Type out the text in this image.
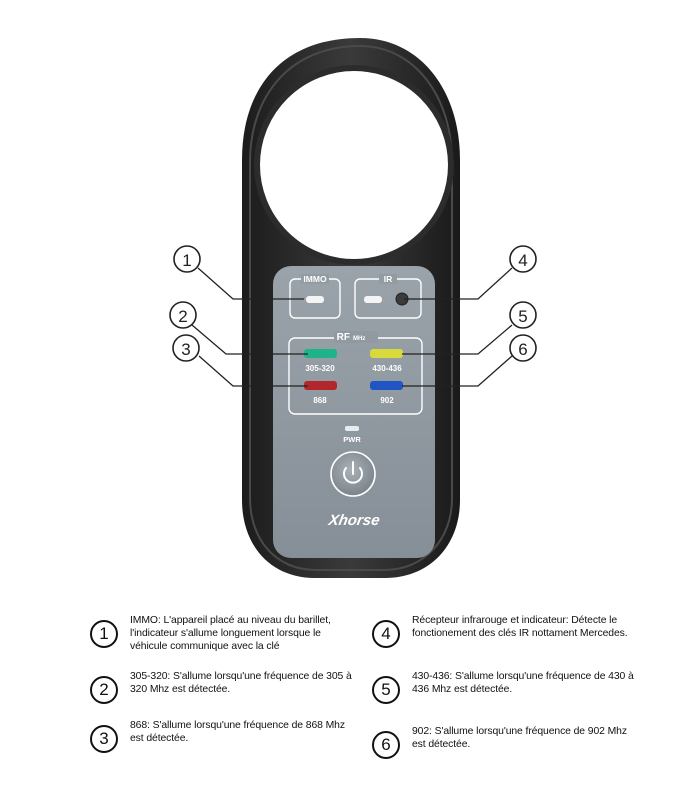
IMMO	IR
RF MHz
305-320	430-436
868	902
PWR
Xhorse
1
2
3
4
5
6
1
IMMO: L'appareil placé au niveau du barillet, l'indicateur s'allume longuement lorsque le véhicule communique avec la clé
2
305-320: S'allume lorsqu'une fréquence de 305 à 320 Mhz est détectée.
3
868: S'allume lorsqu'une fréquence de 868 Mhz est détectée.
4
Récepteur infrarouge et indicateur: Détecte le fonctionement des clés IR nottament Mercedes.
5
430-436: S'allume lorsqu'une fréquence de 430 à 436 Mhz est détectée.
6
902: S'allume lorsqu'une fréquence de 902 Mhz est détectée.
